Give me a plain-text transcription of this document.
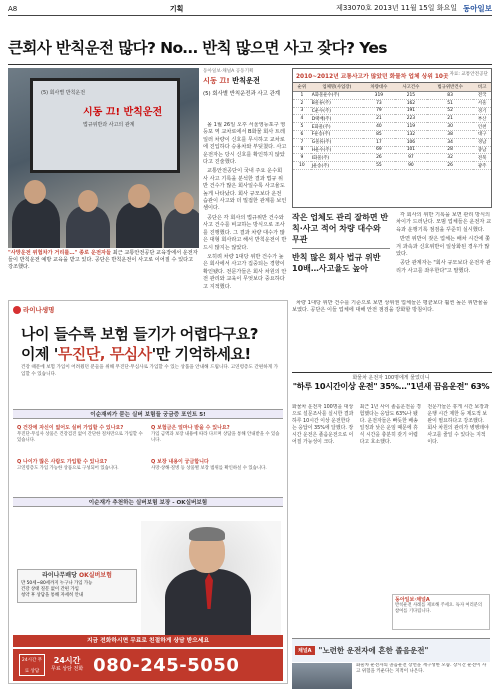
A8	기획	제33070호 2013년 11월 15일 화요일 동아일보
큰회사 반칙운전 많다? No… 반칙 많으면 사고 잦다? Yes
(5) 회사별 반칙운전
시동 끄! 반칙운전
법규위반과 사고의 관계
"사망운전 위험차가 거리를…" 종로 운전자들 최근 교통안전공단 교육장에서 운전자들이 반칙운전 예방 교육을 받고 있다. 공단은 반칙운전이 사고로 이어질 수 있다고 강조했다.
동아일보·채널A 공동기획
시동 끄! 반칙운전
(5) 회사별 반칙운전과 사고 관계

올 1월 26일 오후 서울영등포구 영등포 역 교차로에서 B화물 회사 트레일러 차량이 신호를 무시하고 교차로에 진입하다 승용차와 부딪쳤다. 사고 운전자는 당시 신호를 확인하지 않았다고 진술했다.

교통안전공단이 국내 주요 운수회사 사고 기록을 분석한 결과 법규 위반 건수가 많은 회사일수록 사고율도 높게 나타났다. 회사 규모보다 운전 습관이 사고와 더 밀접한 관계를 보인 셈이다.

공단은 각 회사의 법규위반 건수와 사고 건수를 비교하는 방식으로 조사를 진행했다. 그 결과 차량 대수가 많은 대형 회사라고 해서 반칙운전이 반드시 많지는 않았다.

오히려 차량 1대당 위반 건수가 높은 회사에서 사고가 집중되는 경향이 확인됐다. 전문가들은 회사 차원의 안전 관리와 교육이 무엇보다 중요하다고 지적했다.

2010~2012년 교통사고가 많았던 화물차 업체 상위 10곳 자료: 교통안전공단
순위	업체명(사업장)	차량대수	사고건수	법규위반건수	비고
1	A화물운수(주)	319	215	83	전국
2	B물류(주)	73	162	51	서울
3	C운수(주)	79	191	52	경기
4	D택배(주)	21	223	21	부산
5	E화물(주)	40	119	30	인천
6	F운송(주)	85	132	38	대구
7	G물류(주)	17	106	34	경남
8	H운수(주)	69	101	28	충남
9	I화물(주)	26	97	32	전북
10	J운송(주)	55	90	26	광주
작은 업체도 관리 잘하면 반칙·사고 적어 차량 대수와 무관
반칙 많은 회사 법규 위반 10배…사고율도 높아

각 회사의 위반 기록을 보면 관리 방식의 차이가 드러난다. 모범 업체들은 운전자 교육과 운행기록 점검을 꾸준히 실시했다.

반면 위반이 잦은 업체는 배차 시간에 쫓겨 과속과 신호위반이 일상화된 경우가 많았다.

공단 관계자는 "회사 규모보다 운전자 관리가 사고를 좌우한다"고 말했다.

라이나생명
나이 들수록 보험 들기가 어렵다구요?
이제 '무진단, 무심사'만 기억하세요!
건강 때문에 보험 가입이 어려웠던 분들을 위해 무진단·무심사로 가입할 수 있는 상품을 안내해 드립니다. 고연령층도 간편하게 가입할 수 있습니다.
이순재씨가 묻는 실버 보험들 궁금증 포인트 5!
Q 건강에 자신이 없어도 실버 가입할 수 있나요?
무진단·무심사 상품은 건강검진 없이 간단한 절차만으로 가입할 수 있습니다.
Q 보험금은 얼마나 받을 수 있나요?
가입 금액과 보장 내용에 따라 다르며 상담을 통해 안내받을 수 있습니다.
Q 나이가 많은 사람도 가입할 수 있나요?
고연령층도 가입 가능한 상품으로 구성되어 있습니다.
Q 보장 내용이 궁금합니다
사망·상해·질병 등 상품별 보장 범위를 확인하실 수 있습니다.
이순재가 추천하는 실버보험 보장 - OK실버보험
라이나무배당 OK실버보험
만 50세~80세까지 누구나 가입 가능
건강 상태 질문 없이 간편 가입
청약 후 상담을 통해 자세히 안내
지금 전화하시면 무료로 친절하게 상담 받으세요
24시간 무료 상담
24시간
무료 상담 전화 080-245-5050

차량 1대당 위반 건수를 기준으로 보면 상위권 업체들은 평균보다 훨씬 높은 위반율을 보였다. 공단은 이들 업체에 대해 안전 점검을 강화할 방침이다.

화물차 운전자 100명에게 물었더니
"하루 10시간이상 운전" 35%…"1년새 끔음운전" 63%
화물차 운전자 100명을 대상으로 설문조사를 실시한 결과 하루 10시간 이상 운전한다는 응답이 35%에 달했다. 장시간 운전은 졸음운전으로 이어질 가능성이 크다.
최근 1년 사이 졸음운전을 경험했다는 응답도 63%나 됐다. 운전자들은 빠듯한 배송 일정과 낮은 운임 때문에 휴식 시간을 충분히 갖기 어렵다고 호소했다.
전문가들은 휴게 시간 보장과 운행 시간 제한 등 제도적 보완이 필요하다고 강조했다. 회사 차원의 관리가 병행돼야 사고를 줄일 수 있다는 지적이다.
동아일보·채널A
반칙운전 사례를 제보해 주세요. 독자 여러분의 참여를 기다립니다.
채널A "노련한 운전자에 흔한 졸음운전"
화물차 운전자의 졸음운전 장면을 재구성한 모습. 장시간 운전이 사고 위험을 키운다는 지적이 나온다.
